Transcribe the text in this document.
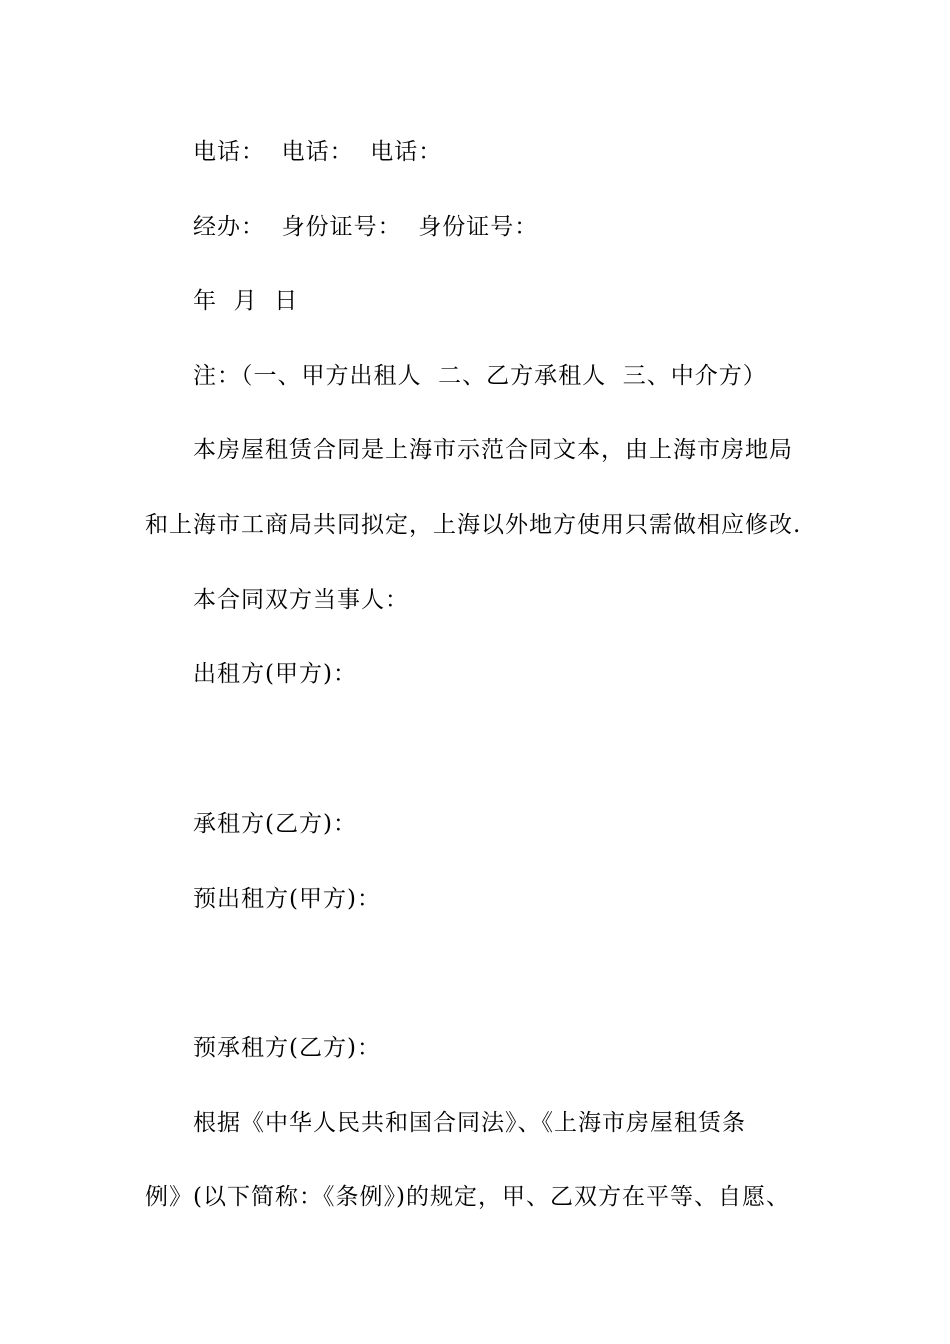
电话：  电话：  电话：
经办：  身份证号：  身份证号：
年  月  日
注：（一、甲方出租人  二、乙方承租人  三、中介方）
本房屋租赁合同是上海市示范合同文本，由上海市房地局
和上海市工商局共同拟定，上海以外地方使用只需做相应修改.
本合同双方当事人：
出租方(甲方)：
承租方(乙方)：
预出租方(甲方)：
预承租方(乙方)：
根据《中华人民共和国合同法》、《上海市房屋租赁条
例》(以下简称：《条例》)的规定，甲、乙双方在平等、自愿、
